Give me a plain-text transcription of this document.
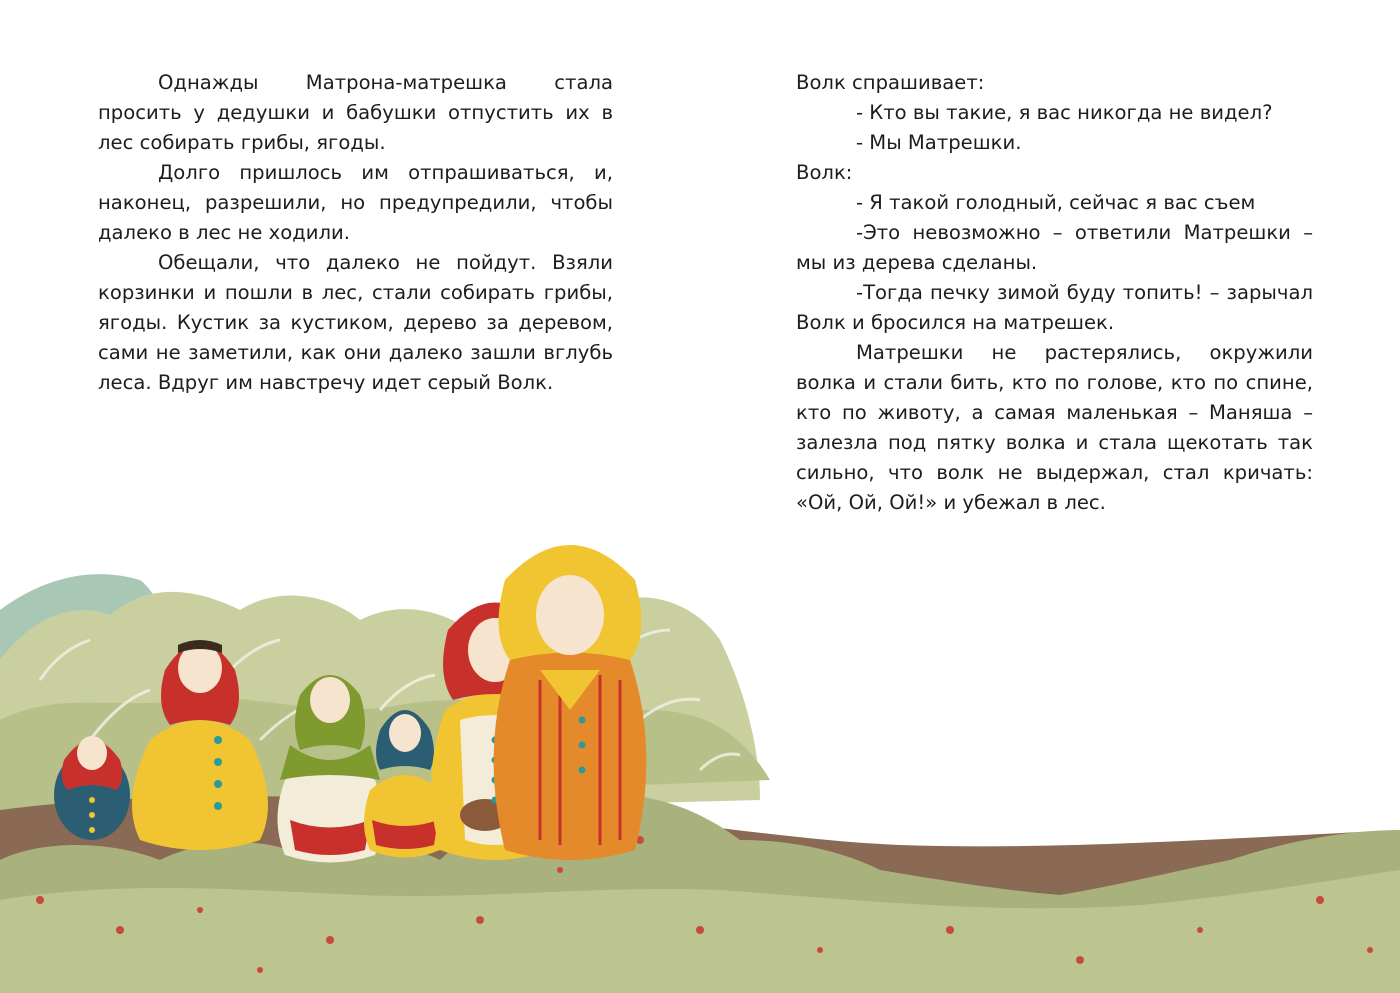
Однажды Матрона-матрешка стала просить у дедушки и бабушки отпустить их в лес собирать грибы, ягоды.

Долго пришлось им отпрашиваться, и, наконец, разрешили, но предупредили, чтобы далеко в лес не ходили.

Обещали, что далеко не пойдут. Взяли корзинки и пошли в лес, стали собирать грибы, ягоды. Кустик за кустиком, дерево за деревом, сами не заметили, как они далеко зашли вглубь леса. Вдруг им навстречу идет серый Волк.

Волк спрашивает:

- Кто вы такие, я вас никогда не видел?

- Мы Матрешки.

Волк:

- Я такой голодный, сейчас я вас съем

-Это невозможно – ответили Матрешки – мы из дерева сделаны.

-Тогда печку зимой буду топить! – зарычал Волк и бросился на матрешек.

Матрешки не растерялись, окружили волка и стали бить, кто по голове, кто по спине, кто по животу, а самая маленькая – Маняша – залезла под пятку волка и стала щекотать так сильно, что волк не выдержал, стал кричать: «Ой, Ой, Ой!» и убежал в лес.
